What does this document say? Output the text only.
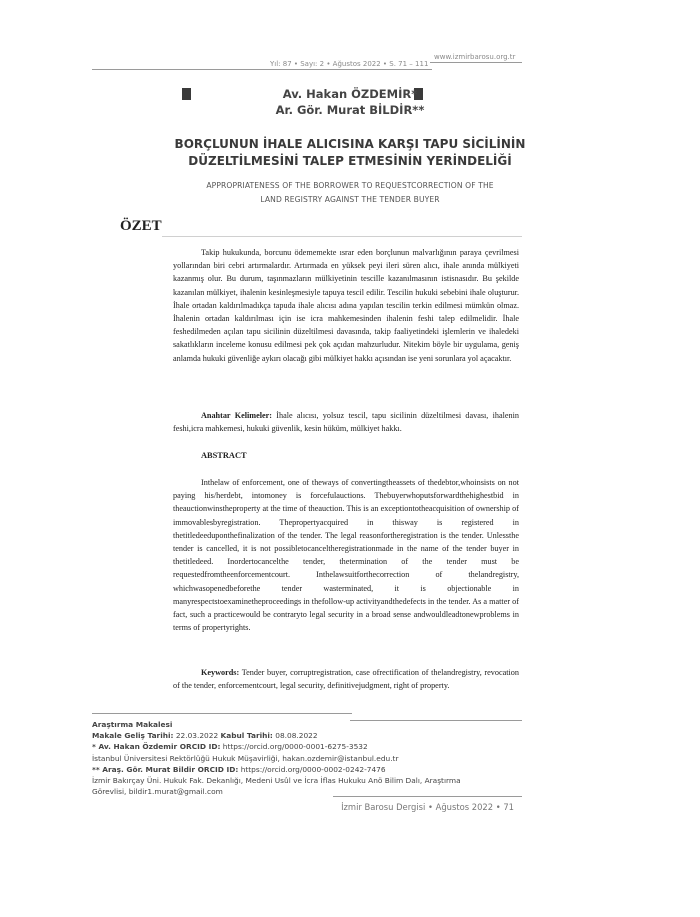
Yıl: 87 • Sayı: 2 • Ağustos 2022 • S. 71 – 111
www.izmirbarosu.org.tr
Av. Hakan ÖZDEMİR*
Ar. Gör. Murat BİLDİR**
BORÇLUNUN İHALE ALICISINA KARŞI TAPU SİCİLİNİN
DÜZELTİLMESİNİ TALEP ETMESİNİN YERİNDELİĞİ
APPROPRIATENESS OF THE BORROWER TO REQUESTCORRECTION OF THE
LAND REGISTRY AGAINST THE TENDER BUYER
ÖZET

Takip hukukunda, borcunu ödememekte ısrar eden borçlunun malvarlığının paraya çevrilmesi yollarından biri cebri artırmalardır. Artırmada en yüksek peyi ileri süren alıcı, ihale anında mülkiyeti kazanmış olur. Bu durum, taşınmazların mülkiyetinin tescille kazanılmasının istisnasıdır. Bu şekilde kazanılan mülkiyet, ihalenin kesinleşmesiyle tapuya tescil edilir. Tescilin hukuki sebebini ihale oluşturur. İhale ortadan kaldırılmadıkça tapuda ihale alıcısı adına yapılan tescilin terkin edilmesi mümkün olmaz. İhalenin ortadan kaldırılması için ise icra mahkemesinden ihalenin feshi talep edilmelidir. İhale feshedilmeden açılan tapu sicilinin düzeltilmesi davasında, takip faaliyetindeki işlemlerin ve ihaledeki sakatlıkların inceleme konusu edilmesi pek çok açıdan mahzurludur. Nitekim böyle bir uygulama, geniş anlamda hukuki güvenliğe aykırı olacağı gibi mülkiyet hakkı açısından ise yeni sorunlara yol açacaktır.

Anahtar Kelimeler: İhale alıcısı, yolsuz tescil, tapu sicilinin düzeltilmesi davası, ihalenin feshi,icra mahkemesi, hukuki güvenlik, kesin hüküm, mülkiyet hakkı.

ABSTRACT

Inthelaw of enforcement, one of theways of convertingtheassets of thedebtor,whoinsists on not paying his/herdebt, intomoney is forcefulauctions. Thebuyerwhoputsforwardthehighestbid in theauctionwinstheproperty at the time of theauction. This is an exceptiontotheacquisition of ownership of immovablesbyregistration. Thepropertyacquired in thisway is registered in thetitledeeduponthefinalization of the tender. The legal reasonfortheregistration is the tender. Unlessthe tender is cancelled, it is not possibletocanceltheregistrationmade in the name of the tender buyer in thetitledeed. Inordertocancelthe tender, thetermination of the tender must be requestedfromtheenforcementcourt. Inthelawsuitforthecorrection of thelandregistry, whichwasopenedbeforethe tender wasterminated, it is objectionable in manyrespectstoexaminetheproceedings in thefollow-up activityandthedefects in the tender. As a matter of fact, such a practicewould be contraryto legal security in a broad sense andwouldleadtonewproblems in terms of propertyrights.

Keywords: Tender buyer, corruptregistration, case ofrectification of thelandregistry, revocation of the tender, enforcementcourt, legal security, definitivejudgment, right of property.

Araştırma Makalesi
Makale Geliş Tarihi: 22.03.2022 Kabul Tarihi: 08.08.2022
* Av. Hakan Özdemir ORCID ID: https://orcid.org/0000-0001-6275-3532
İstanbul Üniversitesi Rektörlüğü Hukuk Müşavirliği, hakan.ozdemir@istanbul.edu.tr
** Araş. Gör. Murat Bildir ORCID ID: https://orcid.org/0000-0002-0242-7476
İzmir Bakırçay Üni. Hukuk Fak. Dekanlığı, Medeni Usûl ve İcra İflas Hukuku Anö Bilim Dalı, Araştırma
Görevlisi, bildir1.murat@gmail.com
İzmir Barosu Dergisi • Ağustos 2022 • 71
